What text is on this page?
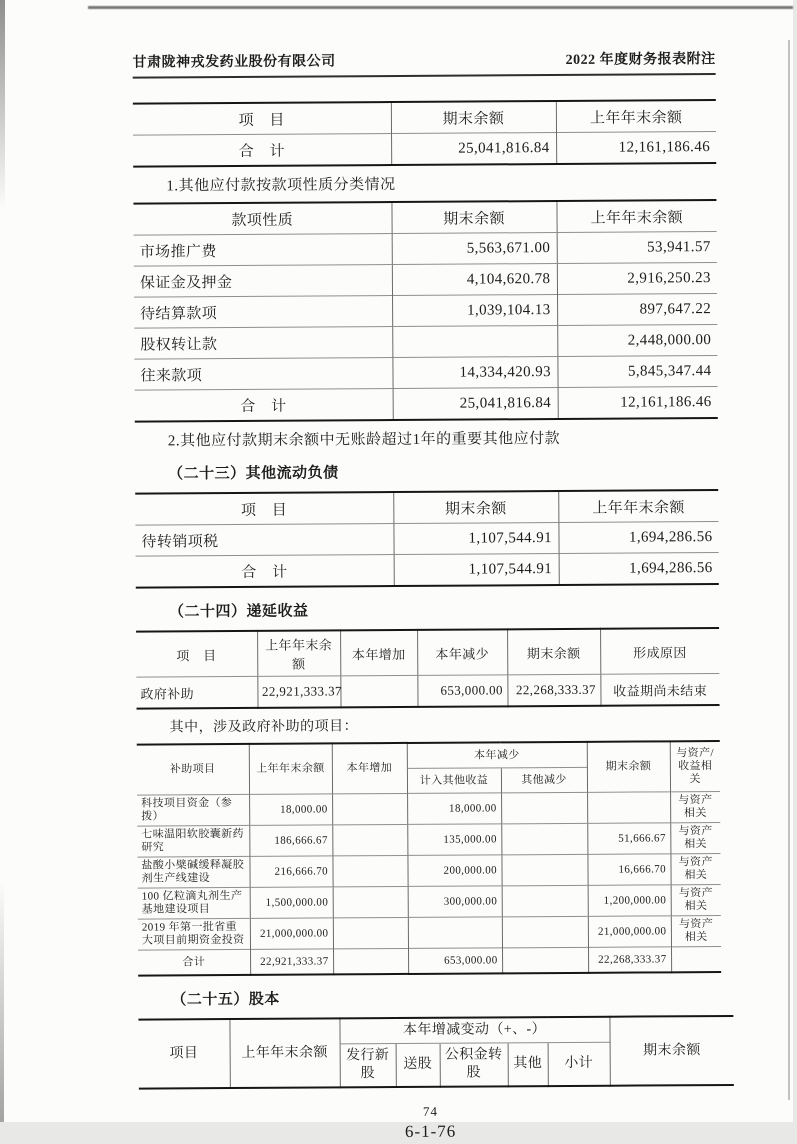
甘肃陇神戎发药业股份有限公司	2022 年度财务报表附注
项　目	期末余额	上年年末余额
合　计	25,041,816.84	12,161,186.46

1.其他应付款按款项性质分类情况

款项性质	期末余额	上年年末余额
市场推广费	5,563,671.00	53,941.57
保证金及押金	4,104,620.78	2,916,250.23
待结算款项	1,039,104.13	897,647.22
股权转让款		2,448,000.00
往来款项	14,334,420.93	5,845,347.44
合　计	25,041,816.84	12,161,186.46

2.其他应付款期末余额中无账龄超过1年的重要其他应付款

（二十三）其他流动负债
项　目	期末余额	上年年末余额
待转销项税	1,107,544.91	1,694,286.56
合　计	1,107,544.91	1,694,286.56
（二十四）递延收益
项　目	上年年末余额	本年增加	本年减少	期末余额	形成原因
政府补助	22,921,333.37		653,000.00	22,268,333.37	收益期尚未结束

其中，涉及政府补助的项目：

补助项目	上年年末余额	本年增加	本年减少		期末余额	与资产/收益相关
			计入其他收益	其他减少		
科技项目资金（参拨）	18,000.00		18,000.00			与资产相关
七味温阳软胶囊新药研究	186,666.67		135,000.00		51,666.67	与资产相关
盐酸小檗碱缓释凝胶剂生产线建设	216,666.70		200,000.00		16,666.70	与资产相关
100 亿粒滴丸剂生产基地建设项目	1,500,000.00		300,000.00		1,200,000.00	与资产相关
2019 年第一批省重大项目前期资金投资	21,000,000.00				21,000,000.00	与资产相关
合计	22,921,333.37		653,000.00		22,268,333.37	
（二十五）股本
项目	上年年末余额	本年增减变动（+、-）					期末余额
		发行新股	送股	公积金转股	其他	小计	
74
6-1-76
